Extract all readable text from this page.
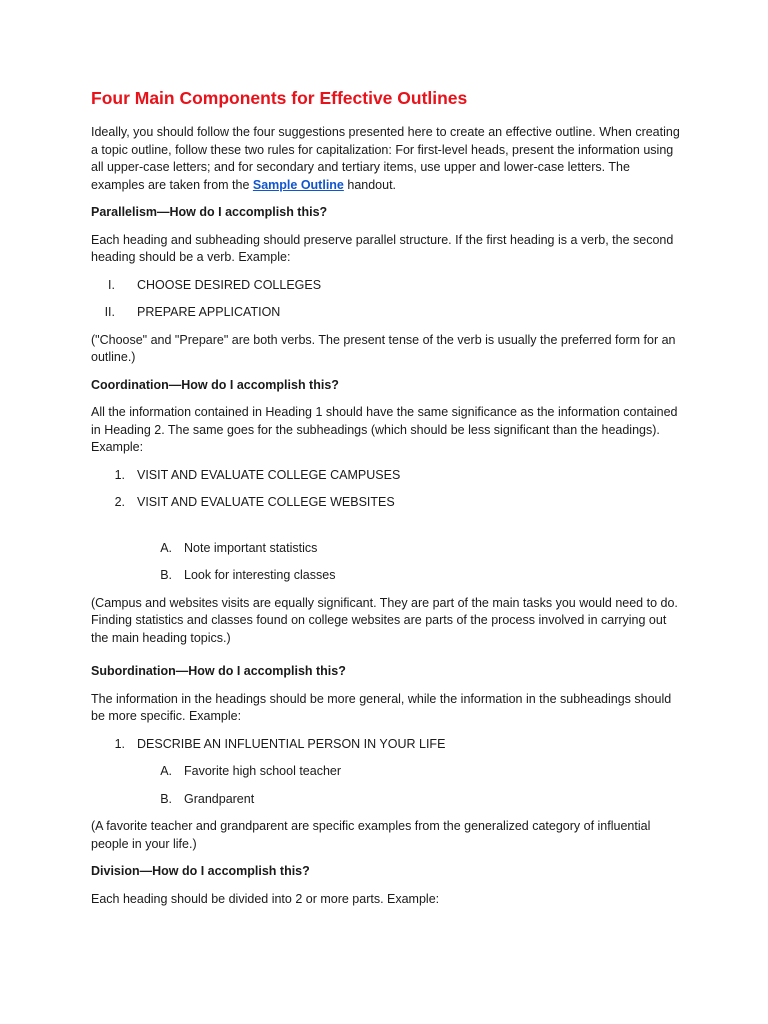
Four Main Components for Effective Outlines

Ideally, you should follow the four suggestions presented here to create an effective outline. When creating a topic outline, follow these two rules for capitalization: For first-level heads, present the information using all upper-case letters; and for secondary and tertiary items, use upper and lower-case letters. The examples are taken from the Sample Outline handout.

Parallelism—How do I accomplish this?

Each heading and subheading should preserve parallel structure. If the first heading is a verb, the second heading should be a verb. Example:

I. CHOOSE DESIRED COLLEGES
II. PREPARE APPLICATION

("Choose" and "Prepare" are both verbs. The present tense of the verb is usually the preferred form for an outline.)

Coordination—How do I accomplish this?

All the information contained in Heading 1 should have the same significance as the information contained in Heading 2. The same goes for the subheadings (which should be less significant than the headings). Example:

1. VISIT AND EVALUATE COLLEGE CAMPUSES
2. VISIT AND EVALUATE COLLEGE WEBSITES
A. Note important statistics
B. Look for interesting classes

(Campus and websites visits are equally significant. They are part of the main tasks you would need to do. Finding statistics and classes found on college websites are parts of the process involved in carrying out the main heading topics.)

Subordination—How do I accomplish this?

The information in the headings should be more general, while the information in the subheadings should be more specific. Example:

1. DESCRIBE AN INFLUENTIAL PERSON IN YOUR LIFE
A. Favorite high school teacher
B. Grandparent

(A favorite teacher and grandparent are specific examples from the generalized category of influential people in your life.)

Division—How do I accomplish this?

Each heading should be divided into 2 or more parts. Example:
